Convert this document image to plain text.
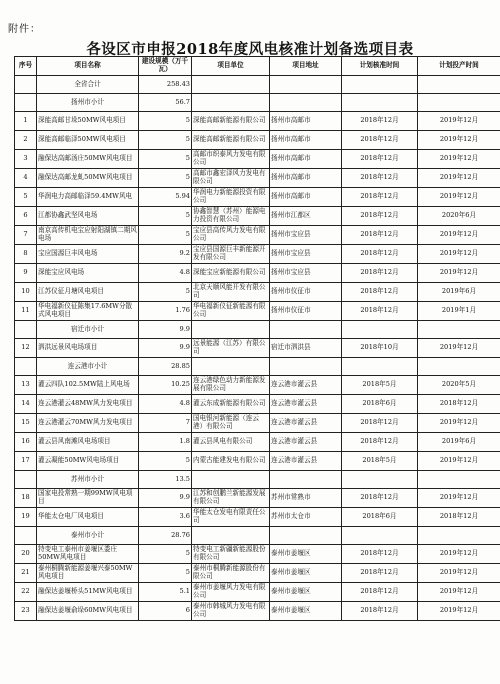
附件：
各设区市申报2018年度风电核准计划备选项目表
序号	项目名称	建设规模（万千瓦）	项目单位	项目地址	计划核准时间	计划投产时间
	全省合计	258.43				
	扬州市小计	56.7				
1	深能高邮甘垛50MW风电项目	5	深能高邮新能源有限公司	扬州市高邮市	2018年12月	2019年12月
2	深能高邮临泽50MW风电项目	5	深能高邮新能源有限公司	扬州市高邮市	2018年12月	2019年12月
3	融保达高邮汤庄50MW风电项目	5	高邮市织泰风力发电有限公司	扬州市高邮市	2018年12月	2019年12月
4	融保达高邮龙虬50MW风电项目	5	高邮市鑫宏泽风力发电有限公司	扬州市高邮市	2018年12月	2019年12月
5	华润电力高邮临泽59.4MW风电	5.94	华润电力新能源投资有限公司	扬州市高邮市	2018年12月	2019年12月
6	江都协鑫武坚风电场	5	协鑫智慧（苏州）能源电力投资有限公司	扬州市江都区	2018年12月	2020年6月
7	南京高传机电宝应射阳湖镇二期风电场	5	宝应县高传风力发电有限公司	扬州市宝应县	2018年12月	2019年12月
8	宝应国源巨丰风电场	9.2	宝应县国源巨丰新能源开发有限公司	扬州市宝应县	2018年12月	2019年12月
9	深能宝应风电场	4.8	深能宝应新能源有限公司	扬州市宝应县	2018年12月	2019年12月
10	江苏仪征月塘风电项目	5	北京天顺风能开发有限公司	扬州市仪征市	2018年12月	2019年6月
11	华电福新仪征陈集17.6MW分散式风电项目	1.76	华电福新仪征新能源有限公司	扬州市仪征市	2018年12月	2019年1月
	宿迁市小计	9.9				
12	泗洪远景风电场项目	9.9	远景能源（江苏）有限公司	宿迁市泗洪县	2018年10月	2019年12月
	连云港市小计	28.85				
13	灌云四队102.5MW陆上风电场	10.25	连云港绿色动力新能源发展有限公司	连云港市灌云县	2018年5月	2020年5月
14	连云港灌云48MW风力发电项目	4.8	灌云东成新能源有限公司	连云港市灌云县	2018年6月	2018年12月
15	连云港灌云70MW风力发电项目	7	国电银河新能源（连云港）有限公司	连云港市灌云县	2018年12月	2019年12月
16	灌云县风南滩风电场项目	1.8	灌云县风电有限公司	连云港市灌云县	2018年12月	2019年6月
17	灌云凝能50MW风电场项目	5	内蒙古能建发电有限公司	连云港市灌云县	2018年5月	2019年12月
	苏州市小计	13.5				
18	国家电投常熟一期99MW风电项目	9.9	江苏和创鹏兰新能源发展有限公司	苏州市常熟市	2018年12月	2019年12月
19	华能太仓电厂风电项目	3.6	华能太仓发电有限责任公司	苏州市太仓市	2018年6月	2018年12月
	泰州市小计	28.76				
20	特变电工泰州市姜堰区娄庄50MW风电项目	5	特变电工新疆新能源股份有限公司	泰州市姜堰区	2018年12月	2019年12月
21	泰州桐腾新能源姜堰兴泰50MW风电项目	5	泰州市桐腾新能源股份有限公司	泰州市姜堰区	2018年12月	2019年12月
22	融保达姜堰桥头51MW风电项目	5.1	泰州市姜堰风力发电有限公司	泰州市姜堰区	2018年12月	2019年12月
23	融保达姜堰俞垛60MW风电项目	6	泰州市韩城风力发电有限公司	泰州市姜堰区	2018年12月	2019年12月
